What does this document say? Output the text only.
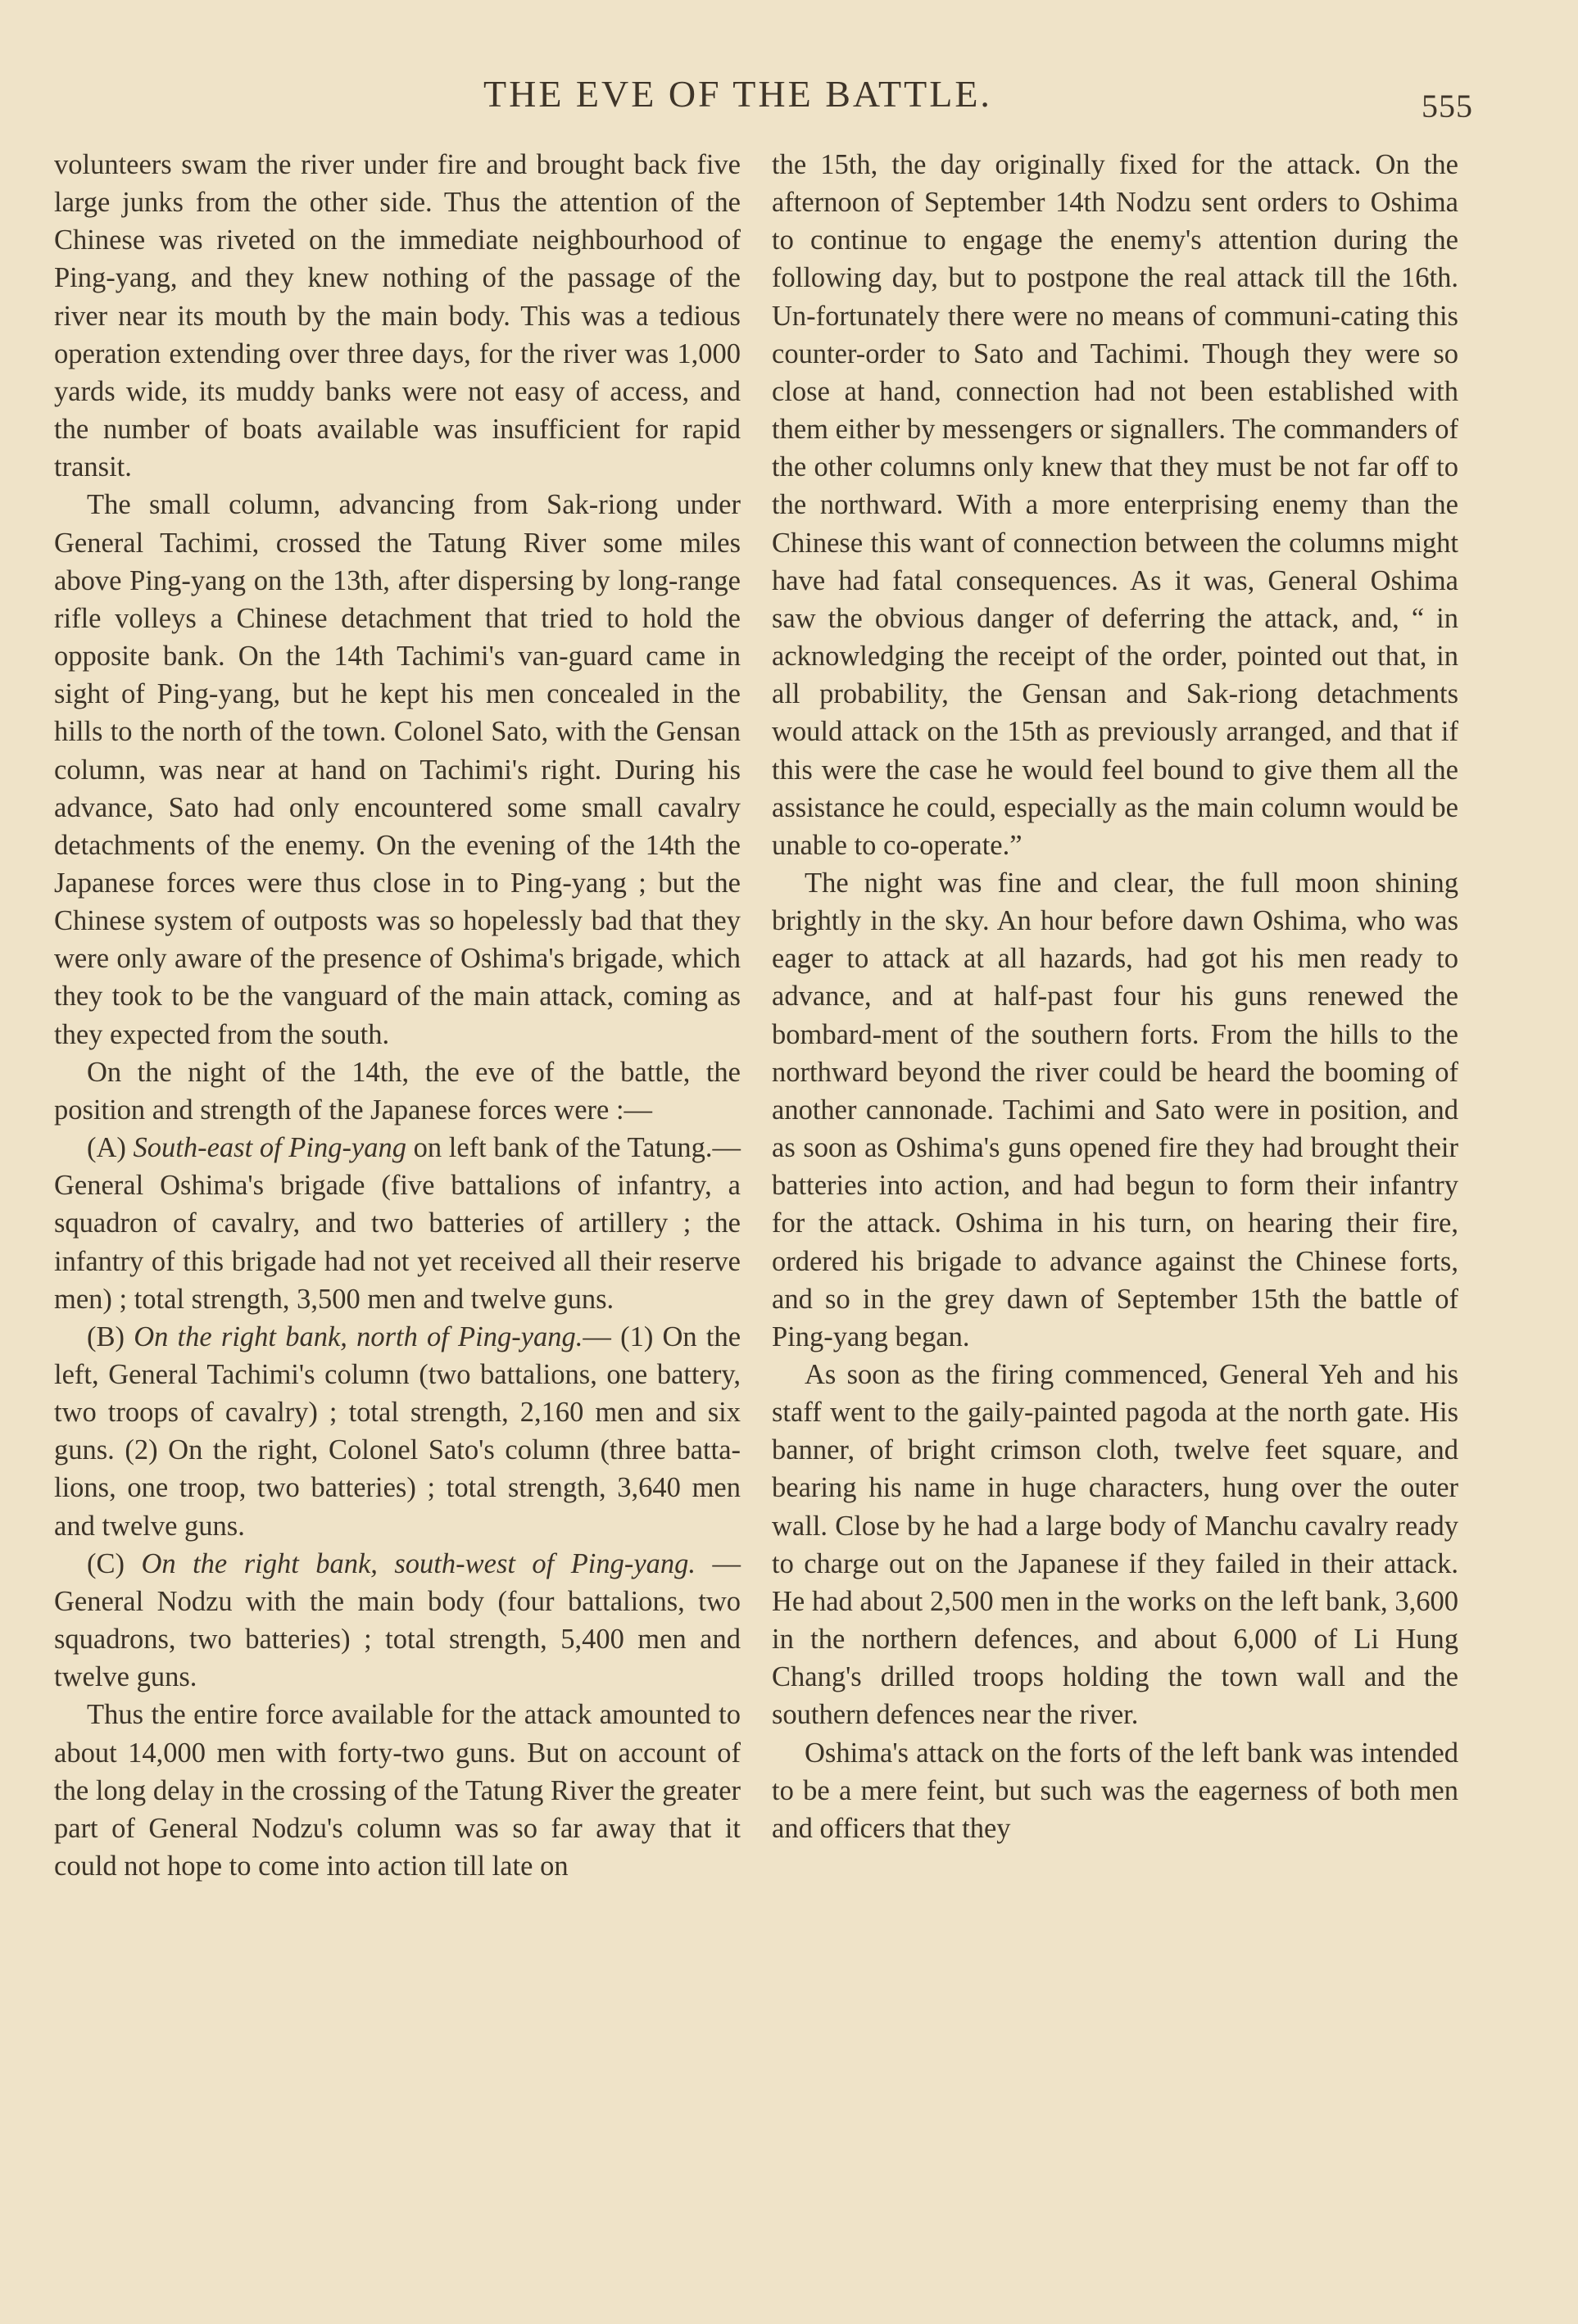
THE EVE OF THE BATTLE.	555

volunteers swam the river under fire and brought back five large junks from the other side. Thus the attention of the Chinese was riveted on the immediate neighbourhood of Ping-yang, and they knew nothing of the passage of the river near its mouth by the main body. This was a tedious operation extending over three days, for the river was 1,000 yards wide, its muddy banks were not easy of access, and the number of boats available was insufficient for rapid transit.

The small column, advancing from Sak-riong under General Tachimi, crossed the Tatung River some miles above Ping-yang on the 13th, after dispersing by long-range rifle volleys a Chinese detachment that tried to hold the opposite bank. On the 14th Tachimi's van-guard came in sight of Ping-yang, but he kept his men concealed in the hills to the north of the town. Colonel Sato, with the Gensan column, was near at hand on Tachimi's right. During his advance, Sato had only encountered some small cavalry detachments of the enemy. On the evening of the 14th the Japanese forces were thus close in to Ping-yang ; but the Chinese system of outposts was so hopelessly bad that they were only aware of the presence of Oshima's brigade, which they took to be the vanguard of the main attack, coming as they expected from the south.

On the night of the 14th, the eve of the battle, the position and strength of the Japanese forces were :—

(A) South-east of Ping-yang on left bank of the Tatung.—General Oshima's brigade (five battalions of infantry, a squadron of cavalry, and two batteries of artillery ; the infantry of this brigade had not yet received all their reserve men) ; total strength, 3,500 men and twelve guns.

(B) On the right bank, north of Ping-yang.— (1) On the left, General Tachimi's column (two battalions, one battery, two troops of cavalry) ; total strength, 2,160 men and six guns. (2) On the right, Colonel Sato's column (three batta-lions, one troop, two batteries) ; total strength, 3,640 men and twelve guns.

(C) On the right bank, south-west of Ping-yang. —General Nodzu with the main body (four battalions, two squadrons, two batteries) ; total strength, 5,400 men and twelve guns.

Thus the entire force available for the attack amounted to about 14,000 men with forty-two guns. But on account of the long delay in the crossing of the Tatung River the greater part of General Nodzu's column was so far away that it could not hope to come into action till late on

the 15th, the day originally fixed for the attack. On the afternoon of September 14th Nodzu sent orders to Oshima to continue to engage the enemy's attention during the following day, but to postpone the real attack till the 16th. Un-fortunately there were no means of communi-cating this counter-order to Sato and Tachimi. Though they were so close at hand, connection had not been established with them either by messengers or signallers. The commanders of the other columns only knew that they must be not far off to the northward. With a more enterprising enemy than the Chinese this want of connection between the columns might have had fatal consequences. As it was, General Oshima saw the obvious danger of deferring the attack, and, “ in acknowledging the receipt of the order, pointed out that, in all probability, the Gensan and Sak-riong detachments would attack on the 15th as previously arranged, and that if this were the case he would feel bound to give them all the assistance he could, especially as the main column would be unable to co-operate.”

The night was fine and clear, the full moon shining brightly in the sky. An hour before dawn Oshima, who was eager to attack at all hazards, had got his men ready to advance, and at half-past four his guns renewed the bombard-ment of the southern forts. From the hills to the northward beyond the river could be heard the booming of another cannonade. Tachimi and Sato were in position, and as soon as Oshima's guns opened fire they had brought their batteries into action, and had begun to form their infantry for the attack. Oshima in his turn, on hearing their fire, ordered his brigade to advance against the Chinese forts, and so in the grey dawn of September 15th the battle of Ping-yang began.

As soon as the firing commenced, General Yeh and his staff went to the gaily-painted pagoda at the north gate. His banner, of bright crimson cloth, twelve feet square, and bearing his name in huge characters, hung over the outer wall. Close by he had a large body of Manchu cavalry ready to charge out on the Japanese if they failed in their attack. He had about 2,500 men in the works on the left bank, 3,600 in the northern defences, and about 6,000 of Li Hung Chang's drilled troops holding the town wall and the southern defences near the river.

Oshima's attack on the forts of the left bank was intended to be a mere feint, but such was the eagerness of both men and officers that they
